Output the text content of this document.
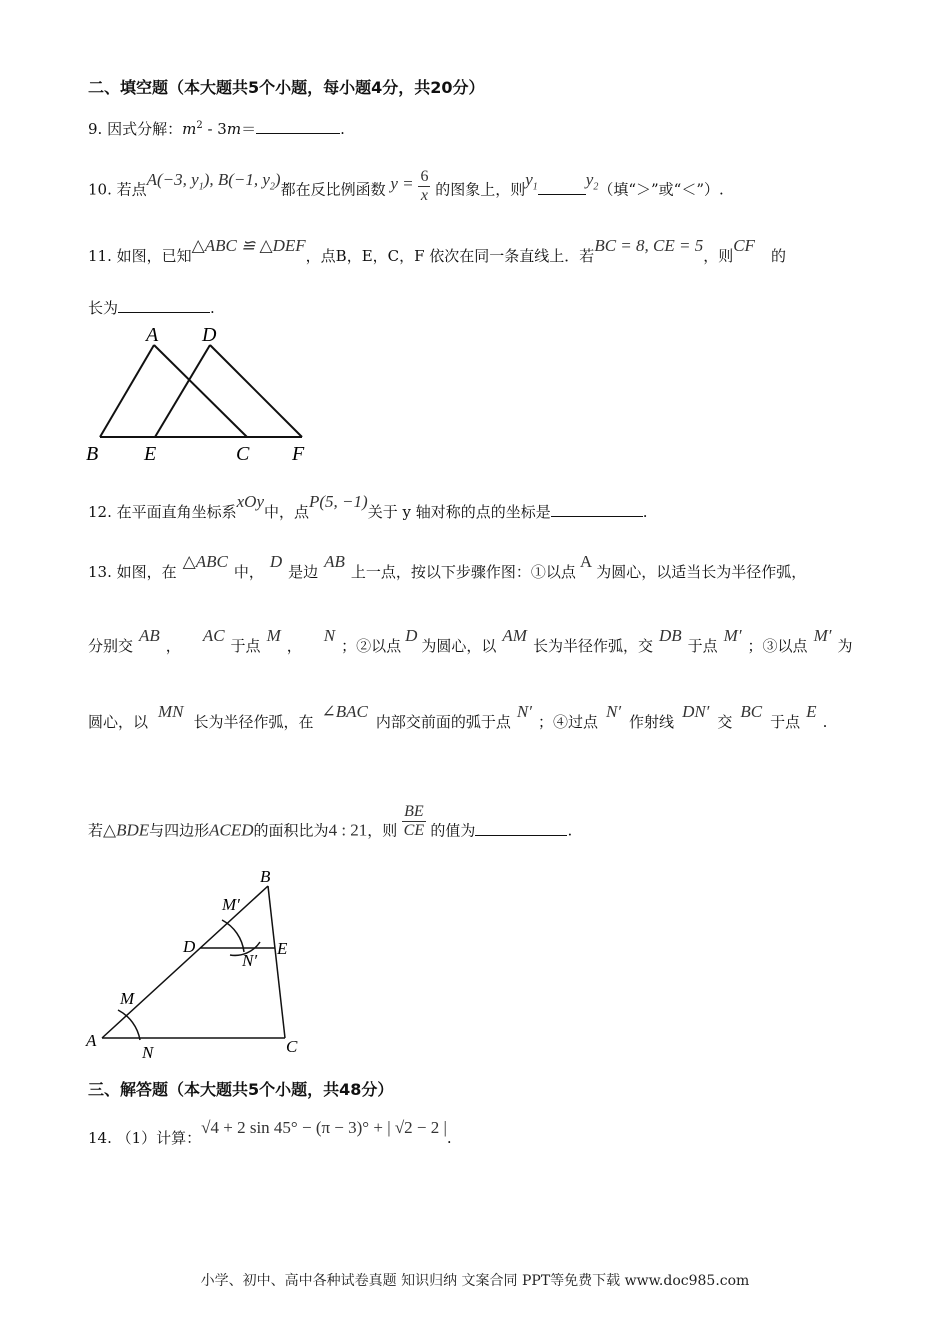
二、填空题（本大题共5个小题，每小题4分，共20分）
9. 因式分解：$m^2 - 3m=$	.
10. 若点A(−3, $y_1$), B(−1, $y_2$)都在反比例函数 $y = \frac{6}{x}$ 的图象上，则$y_1$	$y_2$（填“＞”或“＜”）.
11. 如图，已知△ABC ≌ △DEF，点B，E，C，F 依次在同一条直线上．若BC = 8, CE = 5，则CF的
长为	.
A D
B E	C F
12. 在平面直角坐标系xOy中，点P(5, −1)关于 y 轴对称的点的坐标是	.
13. 如图，在△ABC中，D是边AB上一点，按以下步骤作图：①以点A为圆心，以适当长为半径作弧，
分别交AB，AC于点M，N；②以点D为圆心，以AM长为半径作弧，交DB于点M′；③以点M′为
圆心，以MN长为半径作弧，在∠BAC内部交前面的弧于点N′；④过点N′作射线DN′交BC于点E.
若△BDE与四边形ACED的面积比为4 : 21，则 $\frac{BE}{CE}$ 的值为	.
B
M′
D	E
N′
M
A
N	C
三、解答题（本大题共5个小题，共48分）
14. （1）计算：√4 + 2 sin 45° − (π − 3)° + | √2 − 2 |.
小学、初中、高中各种试卷真题 知识归纳 文案合同 PPT等免费下载 www.doc985.com
